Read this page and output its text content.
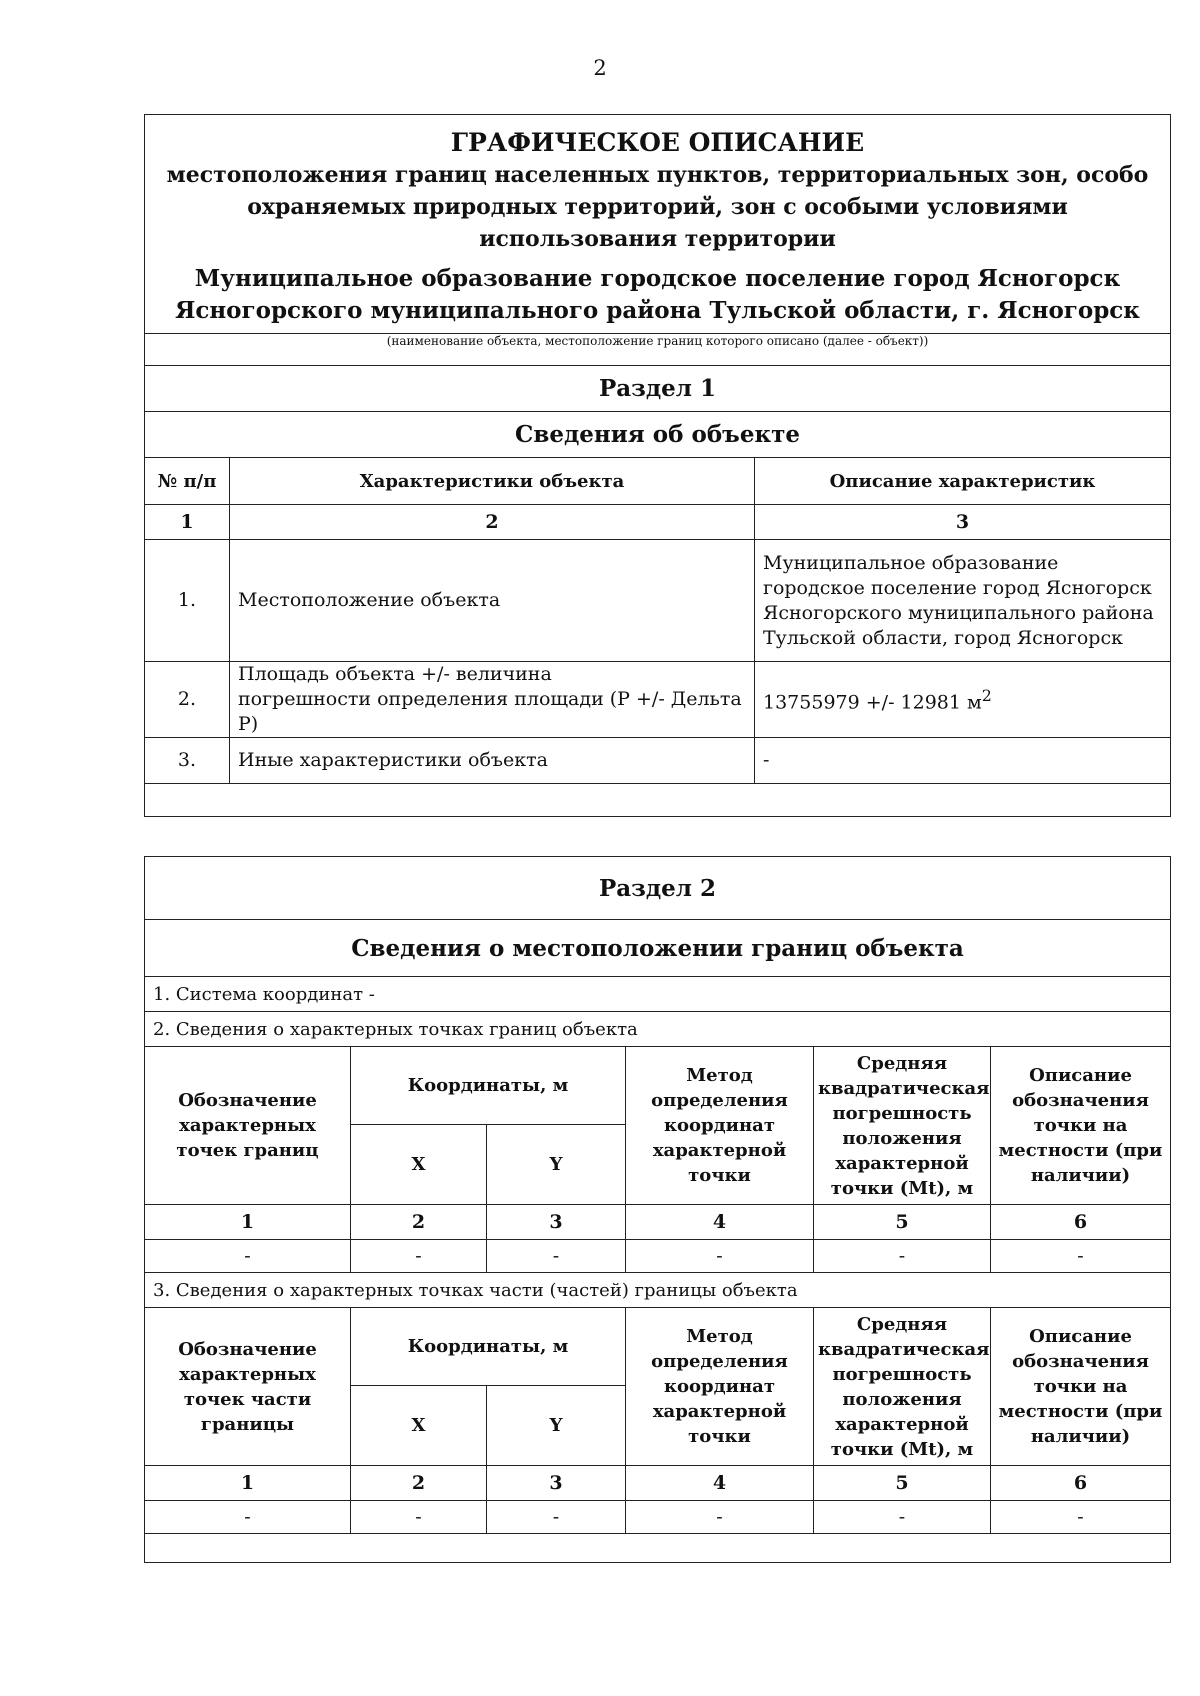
2
ГРАФИЧЕСКОЕ ОПИСАНИЕ
местоположения границ населенных пунктов, территориальных зон, особо охраняемых природных территорий, зон с особыми условиями использования территории
Муниципальное образование городское поселение город Ясногорск
Ясногорского муниципального района Тульской области, г. Ясногорск		

(наименование объекта, местоположение границ которого описано (далее - объект))		
Раздел 1		
Сведения об объекте		
№ п/п	Характеристики объекта	Описание характеристик
1	2	3
1.	Местоположение объекта	Муниципальное образование городское поселение город Ясногорск Ясногорского муниципального района Тульской области, город Ясногорск
2.	Площадь объекта +/- величина
погрешности определения площади (Р +/- Дельта Р)	13755979 +/- 12981 $м^2$
3.	Иные характеристики объекта	-

Раздел 2					
Сведения о местоположении границ объекта					
1. Система координат -					
2. Сведения о характерных точках границ объекта					
Обозначение характерных точек границ	Координаты, м		Метод определения координат характерной точки	Средняя квадратическая погрешность положения характерной точки (Mt), м	Описание обозначения точки на местности (при наличии)
	X	Y			
1	2	3	4	5	6
-	-	-	-	-	-
3. Сведения о характерных точках части (частей) границы объекта					
Обозначение характерных точек части границы	Координаты, м		Метод определения координат характерной точки	Средняя квадратическая погрешность положения характерной точки (Mt), м	Описание обозначения точки на местности (при наличии)
	X	Y			
1	2	3	4	5	6
-	-	-	-	-	-
